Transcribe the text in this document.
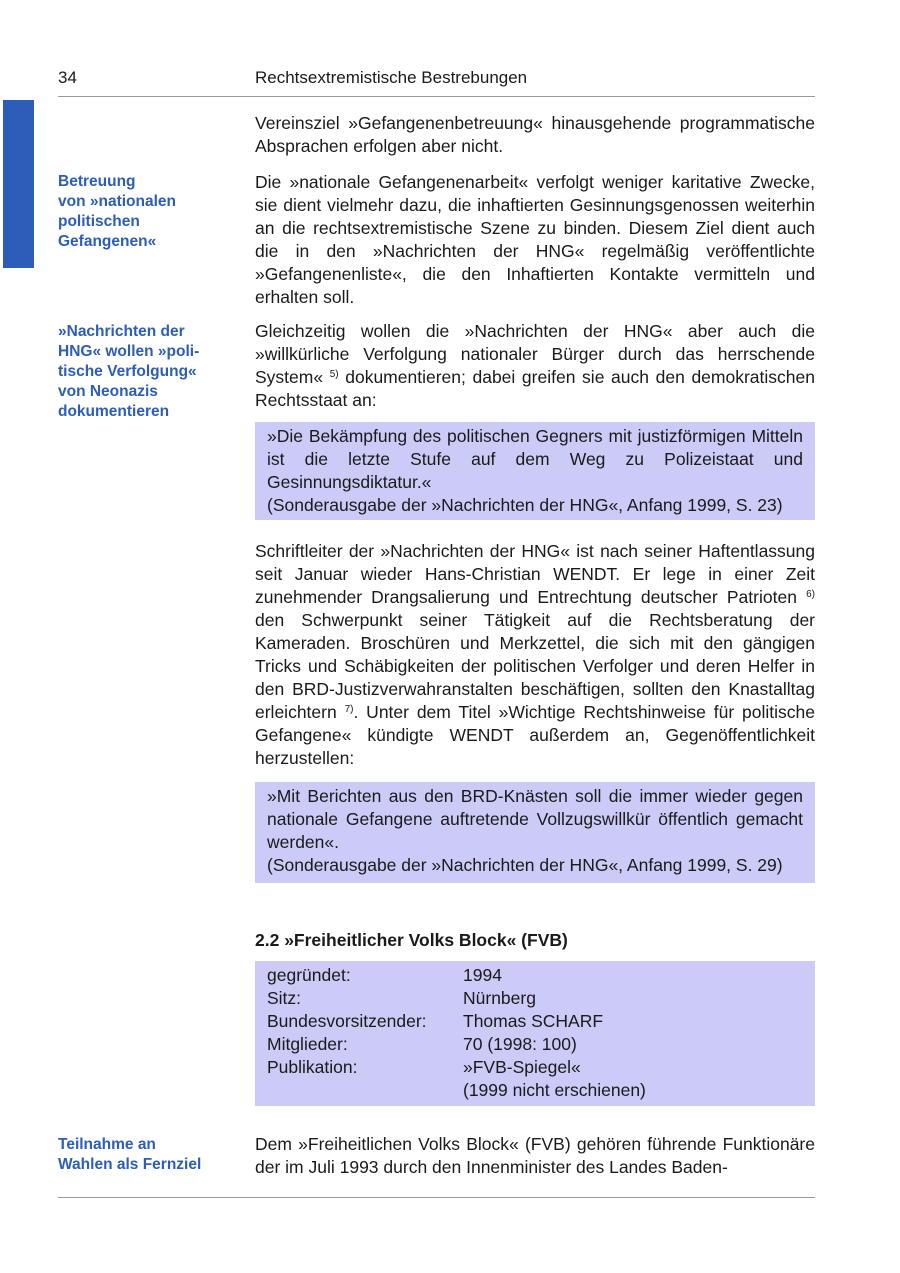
34	Rechtsextremistische Bestrebungen
Betreuung
von »nationalen
politischen
Gefangenen«
»Nachrichten der
HNG« wollen »poli-
tische Verfolgung«
von Neonazis
dokumentieren
Teilnahme an
Wahlen als Fernziel

Vereinsziel »Gefangenenbetreuung« hinausgehende programmatische Absprachen erfolgen aber nicht.

Die »nationale Gefangenenarbeit« verfolgt weniger karitative Zwecke, sie dient vielmehr dazu, die inhaftierten Gesinnungsgenossen weiterhin an die rechtsextremistische Szene zu binden. Diesem Ziel dient auch die in den »Nachrichten der HNG« regelmäßig veröffentlichte »Gefangenenliste«, die den Inhaftierten Kontakte vermitteln und erhalten soll.

Gleichzeitig wollen die »Nachrichten der HNG« aber auch die »willkürliche Verfolgung nationaler Bürger durch das herrschende System« $^{5)}$ dokumentieren; dabei greifen sie auch den demokratischen Rechtsstaat an:

»Die Bekämpfung des politischen Gegners mit justizförmigen Mitteln ist die letzte Stufe auf dem Weg zu Polizeistaat und Gesinnungsdiktatur.«

(Sonderausgabe der »Nachrichten der HNG«, Anfang 1999, S. 23)

Schriftleiter der »Nachrichten der HNG« ist nach seiner Haftentlassung seit Januar wieder Hans-Christian WENDT. Er lege in einer Zeit zunehmender Drangsalierung und Entrechtung deutscher Patrioten $^{6)}$ den Schwerpunkt seiner Tätigkeit auf die Rechtsberatung der Kameraden. Broschüren und Merkzettel, die sich mit den gängigen Tricks und Schäbigkeiten der politischen Verfolger und deren Helfer in den BRD-Justizverwahranstalten beschäftigen, sollten den Knastalltag erleichtern $^{7)}$. Unter dem Titel »Wichtige Rechtshinweise für politische Gefangene« kündigte WENDT außerdem an, Gegenöffentlichkeit herzustellen:

»Mit Berichten aus den BRD-Knästen soll die immer wieder gegen nationale Gefangene auftretende Vollzugswillkür öffentlich gemacht werden«.

(Sonderausgabe der »Nachrichten der HNG«, Anfang 1999, S. 29)

2.2 »Freiheitlicher Volks Block« (FVB)
gegründet:	1994
Sitz:	Nürnberg
Bundesvorsitzender:	Thomas SCHARF
Mitglieder:	70 (1998: 100)
Publikation:	»FVB-Spiegel«
	(1999 nicht erschienen)

Dem »Freiheitlichen Volks Block« (FVB) gehören führende Funktionäre der im Juli 1993 durch den Innenminister des Landes Baden-
